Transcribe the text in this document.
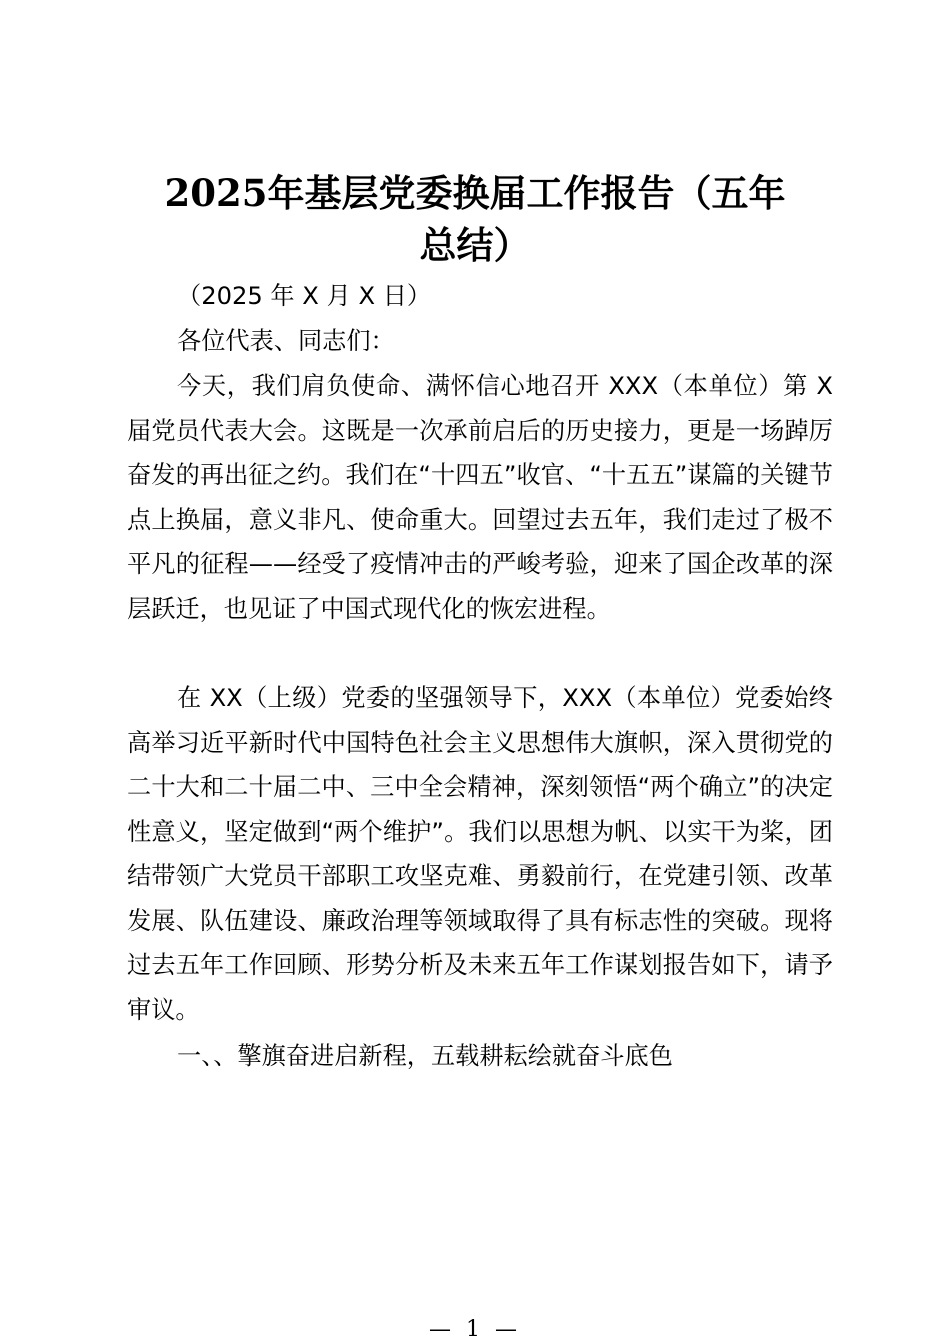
2025年基层党委换届工作报告（五年
总结）

（2025 年 X 月 X 日）

各位代表、同志们：

今天，我们肩负使命、满怀信心地召开 XXX（本单位）第 X 届党员代表大会。这既是一次承前启后的历史接力，更是一场踔厉奋发的再出征之约。我们在“十四五”收官、“十五五”谋篇的关键节点上换届，意义非凡、使命重大。回望过去五年，我们走过了极不平凡的征程——经受了疫情冲击的严峻考验，迎来了国企改革的深层跃迁，也见证了中国式现代化的恢宏进程。

在 XX（上级）党委的坚强领导下，XXX（本单位）党委始终高举习近平新时代中国特色社会主义思想伟大旗帜，深入贯彻党的二十大和二十届二中、三中全会精神，深刻领悟“两个确立”的决定性意义，坚定做到“两个维护”。我们以思想为帆、以实干为桨，团结带领广大党员干部职工攻坚克难、勇毅前行，在党建引领、改革发展、队伍建设、廉政治理等领域取得了具有标志性的突破。现将过去五年工作回顾、形势分析及未来五年工作谋划报告如下，请予审议。

一、、擎旗奋进启新程，五载耕耘绘就奋斗底色

— 1 —
